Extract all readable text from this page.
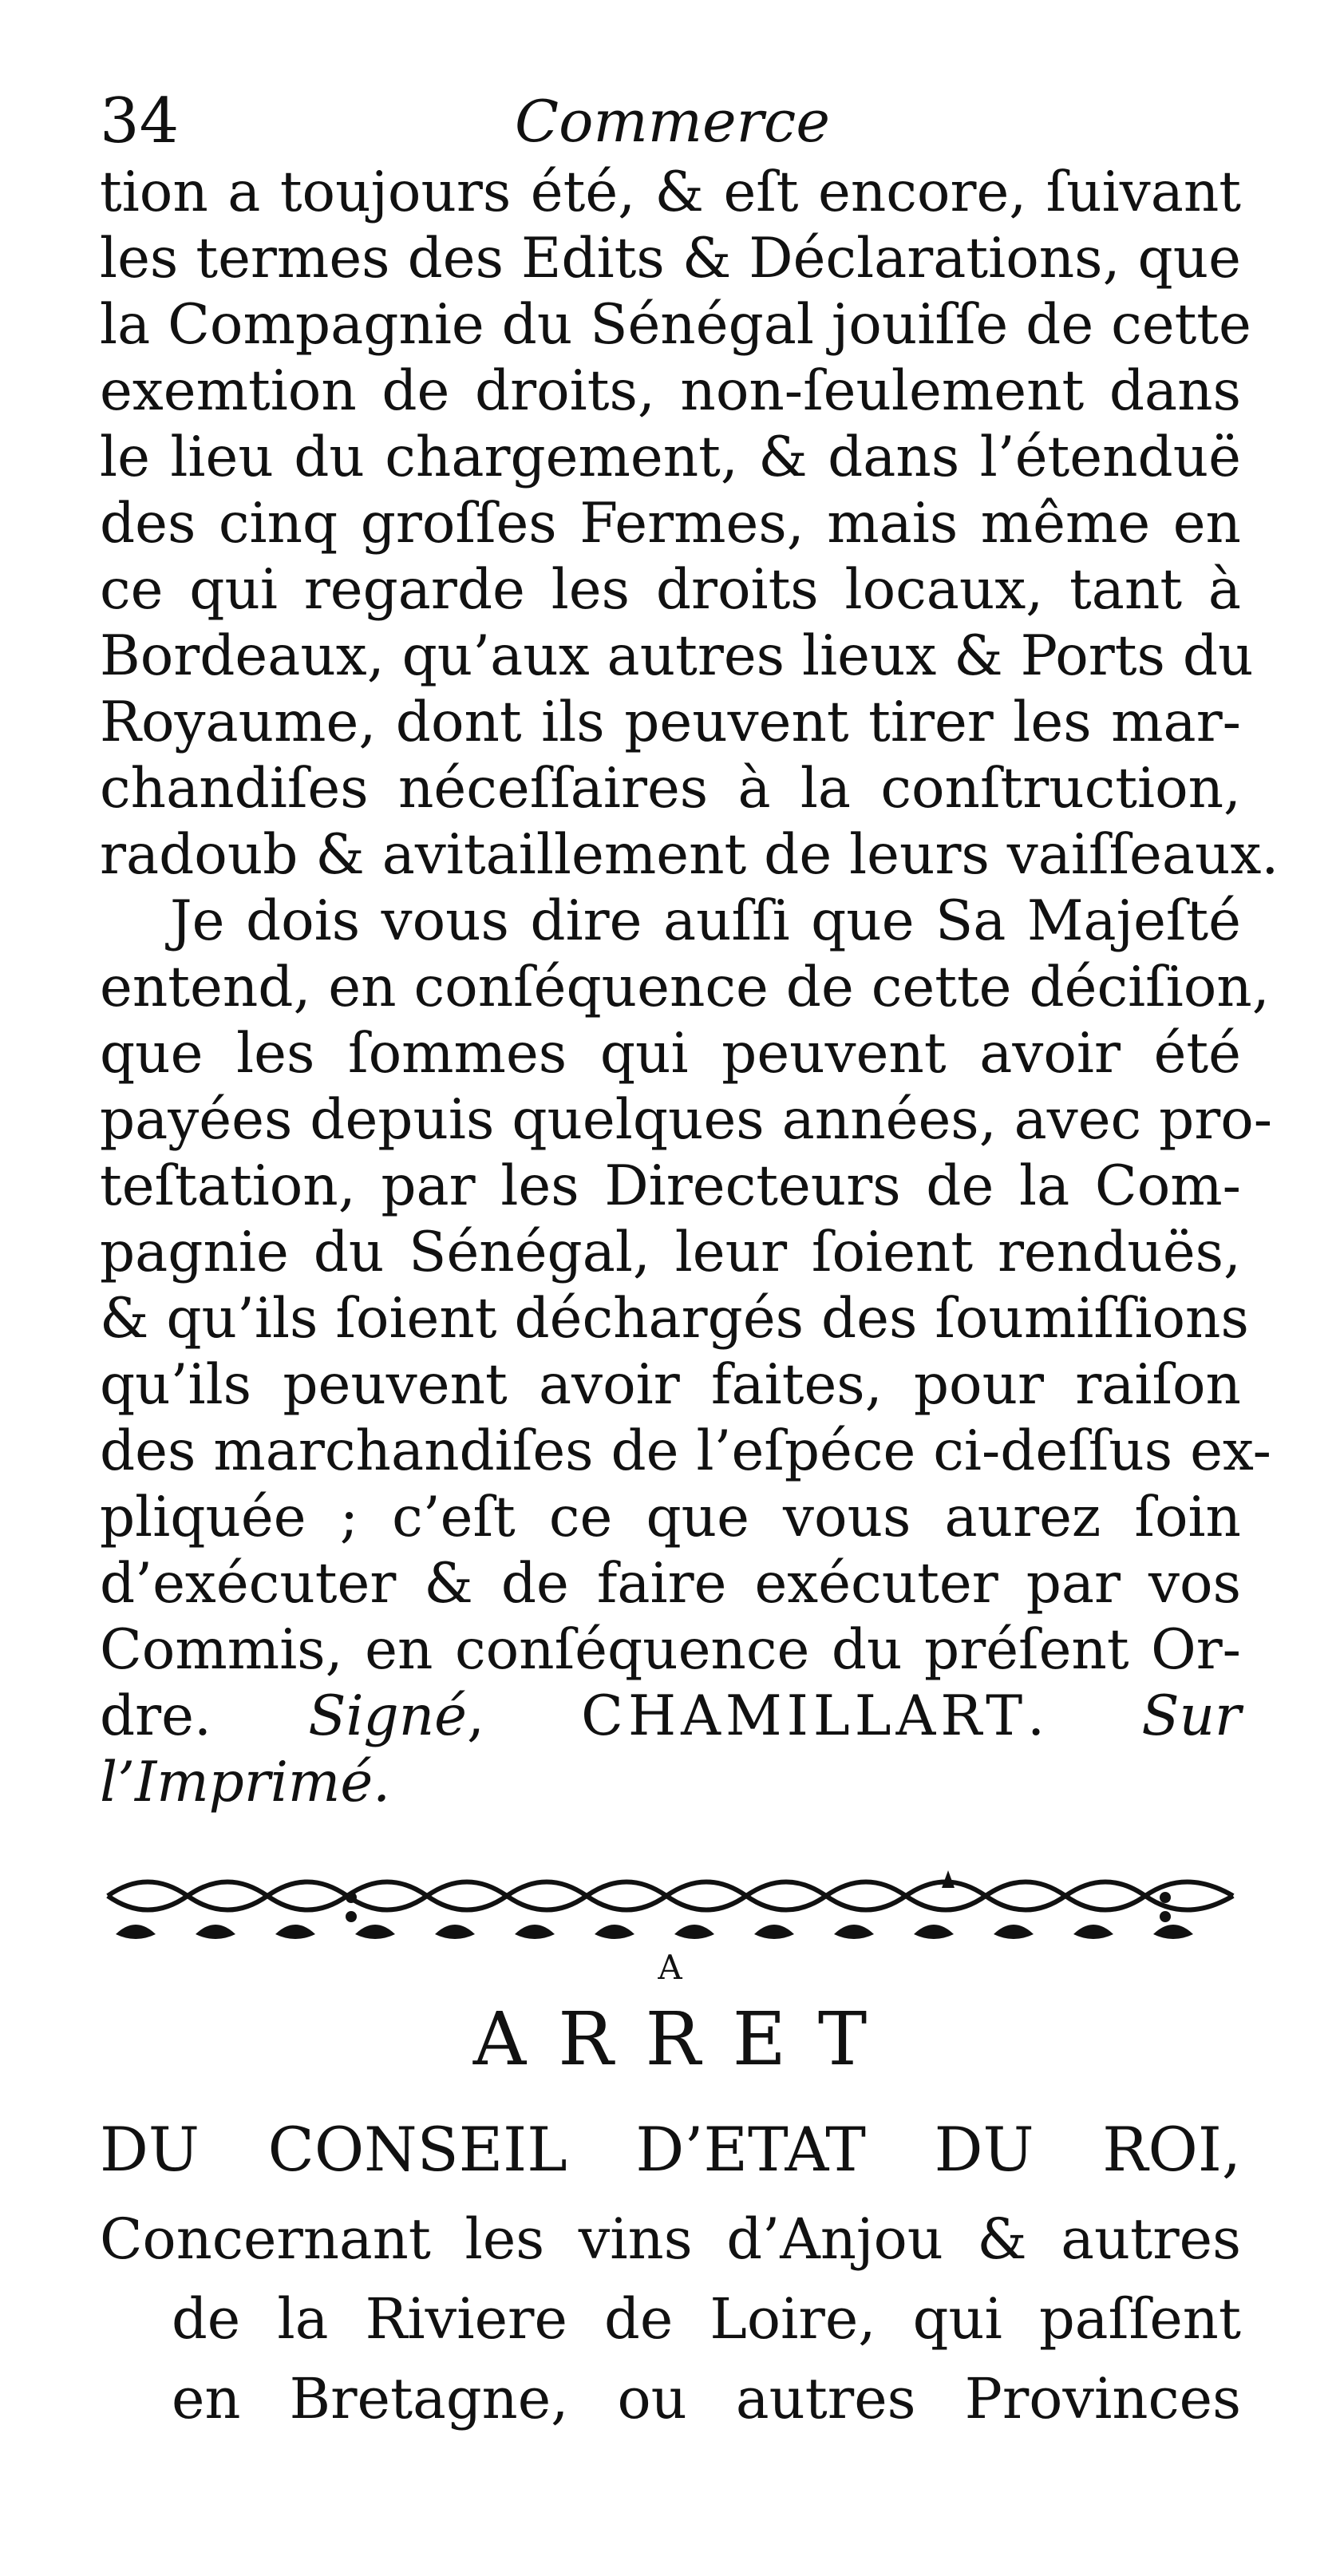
34	Commerce
tion a toujours été, & eſt encore, ſuivant
les termes des Edits & Déclarations, que
la Compagnie du Sénégal jouiſſe de cette
exemtion de droits, non-ſeulement dans
le lieu du chargement, & dans l’étenduë
des cinq groſſes Fermes, mais même en
ce qui regarde les droits locaux, tant à
Bordeaux, qu’aux autres lieux & Ports du
Royaume, dont ils peuvent tirer les mar-
chandiſes néceſſaires à la conſtruction,
radoub & avitaillement de leurs vaiſſeaux.
Je dois vous dire auſſi que Sa Majeſté
entend, en conſéquence de cette déciſion,
que les ſommes qui peuvent avoir été
payées depuis quelques années, avec pro-
teſtation, par les Directeurs de la Com-
pagnie du Sénégal, leur ſoient renduës,
& qu’ils ſoient déchargés des ſoumiſſions
qu’ils peuvent avoir faites, pour raiſon
des marchandiſes de l’eſpéce ci-deſſus ex-
pliquée ; c’eſt ce que vous aurez ſoin
d’exécuter & de faire exécuter par vos
Commis, en conſéquence du préſent Or-
dre. Signé, CHAMILLART. Sur
l’Imprimé.
A
ARRET
DU CONSEIL D’ETAT DU ROI,
Concernant les vins d’Anjou & autres
de la Riviere de Loire, qui paſſent
en Bretagne, ou autres Provinces
